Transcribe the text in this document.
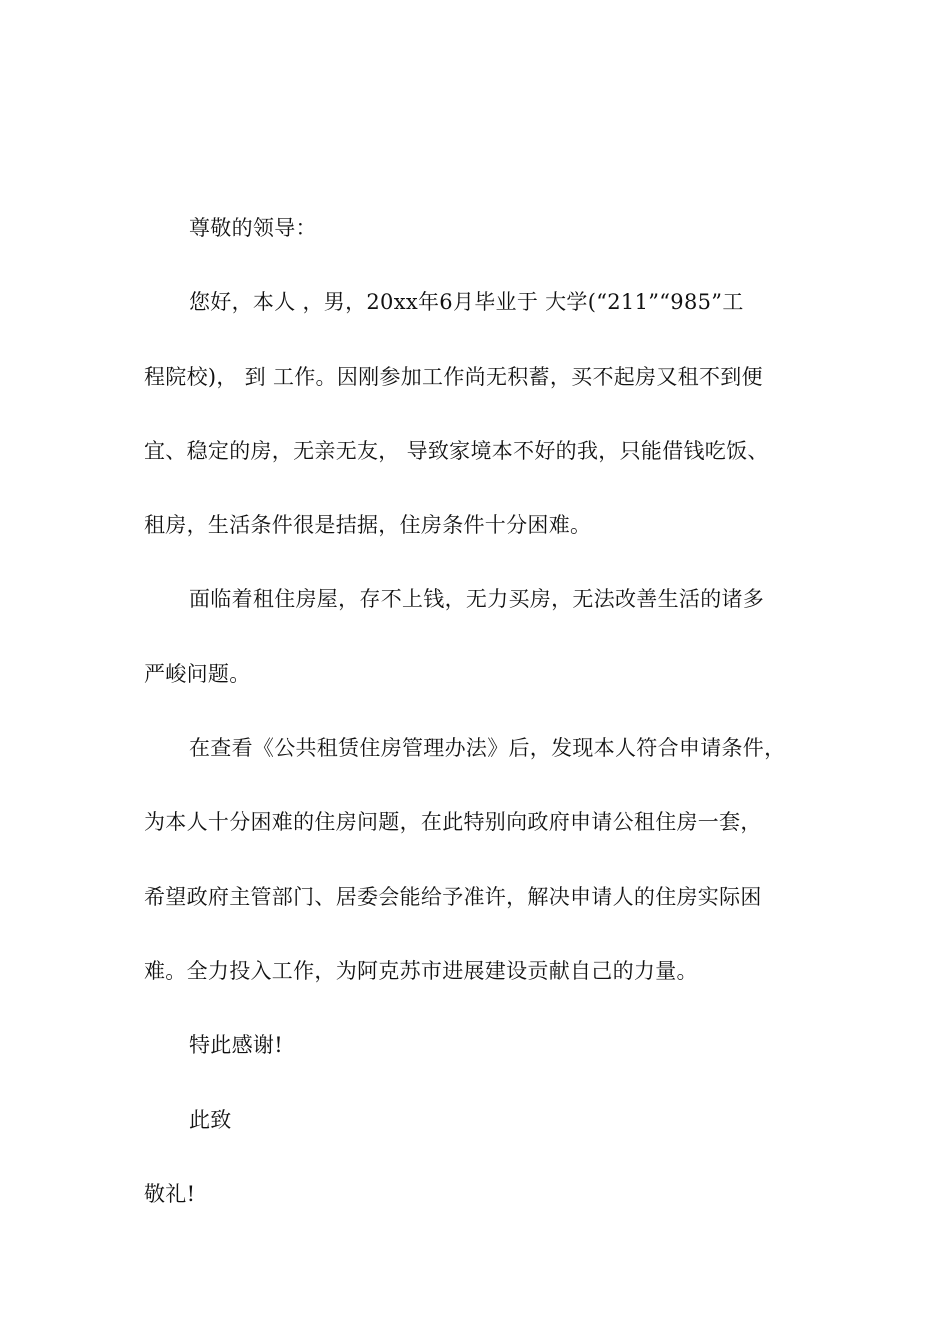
尊敬的领导：
您好，本人 ，男，20xx年6月毕业于 大学(“211”“985”工
程院校)， 到 工作。因刚参加工作尚无积蓄，买不起房又租不到便
宜、稳定的房，无亲无友， 导致家境本不好的我，只能借钱吃饭、
租房，生活条件很是拮据，住房条件十分困难。
面临着租住房屋，存不上钱，无力买房，无法改善生活的诸多
严峻问题。
在查看《公共租赁住房管理办法》后，发现本人符合申请条件，
为本人十分困难的住房问题，在此特别向政府申请公租住房一套，
希望政府主管部门、居委会能给予准许，解决申请人的住房实际困
难。全力投入工作，为阿克苏市进展建设贡献自己的力量。
特此感谢!
此致
敬礼!
